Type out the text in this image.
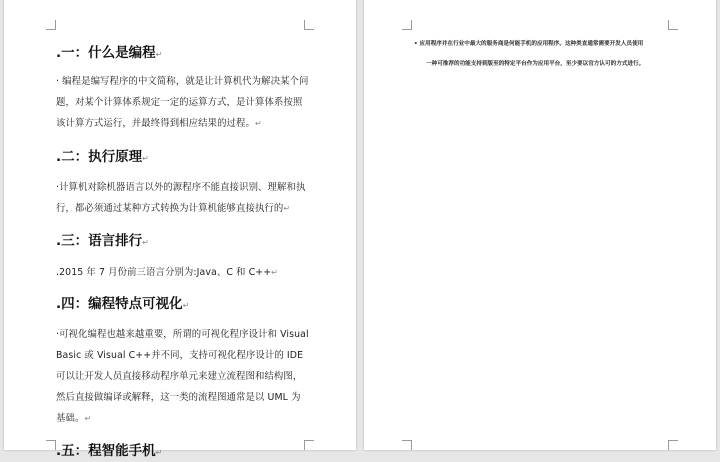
.一：什么是编程↵

· 编程是编写程序的中文简称，就是让计算机代为解决某个问
题，对某个计算体系规定一定的运算方式，是计算体系按照
该计算方式运行，并最终得到相应结果的过程。↵

.二：执行原理↵

·计算机对除机器语言以外的源程序不能直接识别、理解和执
行，都必须通过某种方式转换为计算机能够直接执行的↵

.三：语言排行↵

.2015 年 7 月份前三语言分别为:Java、C 和 C++↵

.四：编程特点可视化↵

·可视化编程也越来越重要，所谓的可视化程序设计和 Visual
Basic 或 Visual C++并不同，支持可视化程序设计的 IDE
可以让开发人员直接移动程序单元来建立流程图和结构图，
然后直接做编译或解释，这一类的流程图通常是以 UML 为
基础。↵

.五：程智能手机↵

• 应用程序并在行业中最大的服务商是何能手机的应用程序。这种类直通常需要开发人员使用

一种可推荐的功能支持到版至的特定平台作为应用平台，至少要以官方认可的方式进行。
